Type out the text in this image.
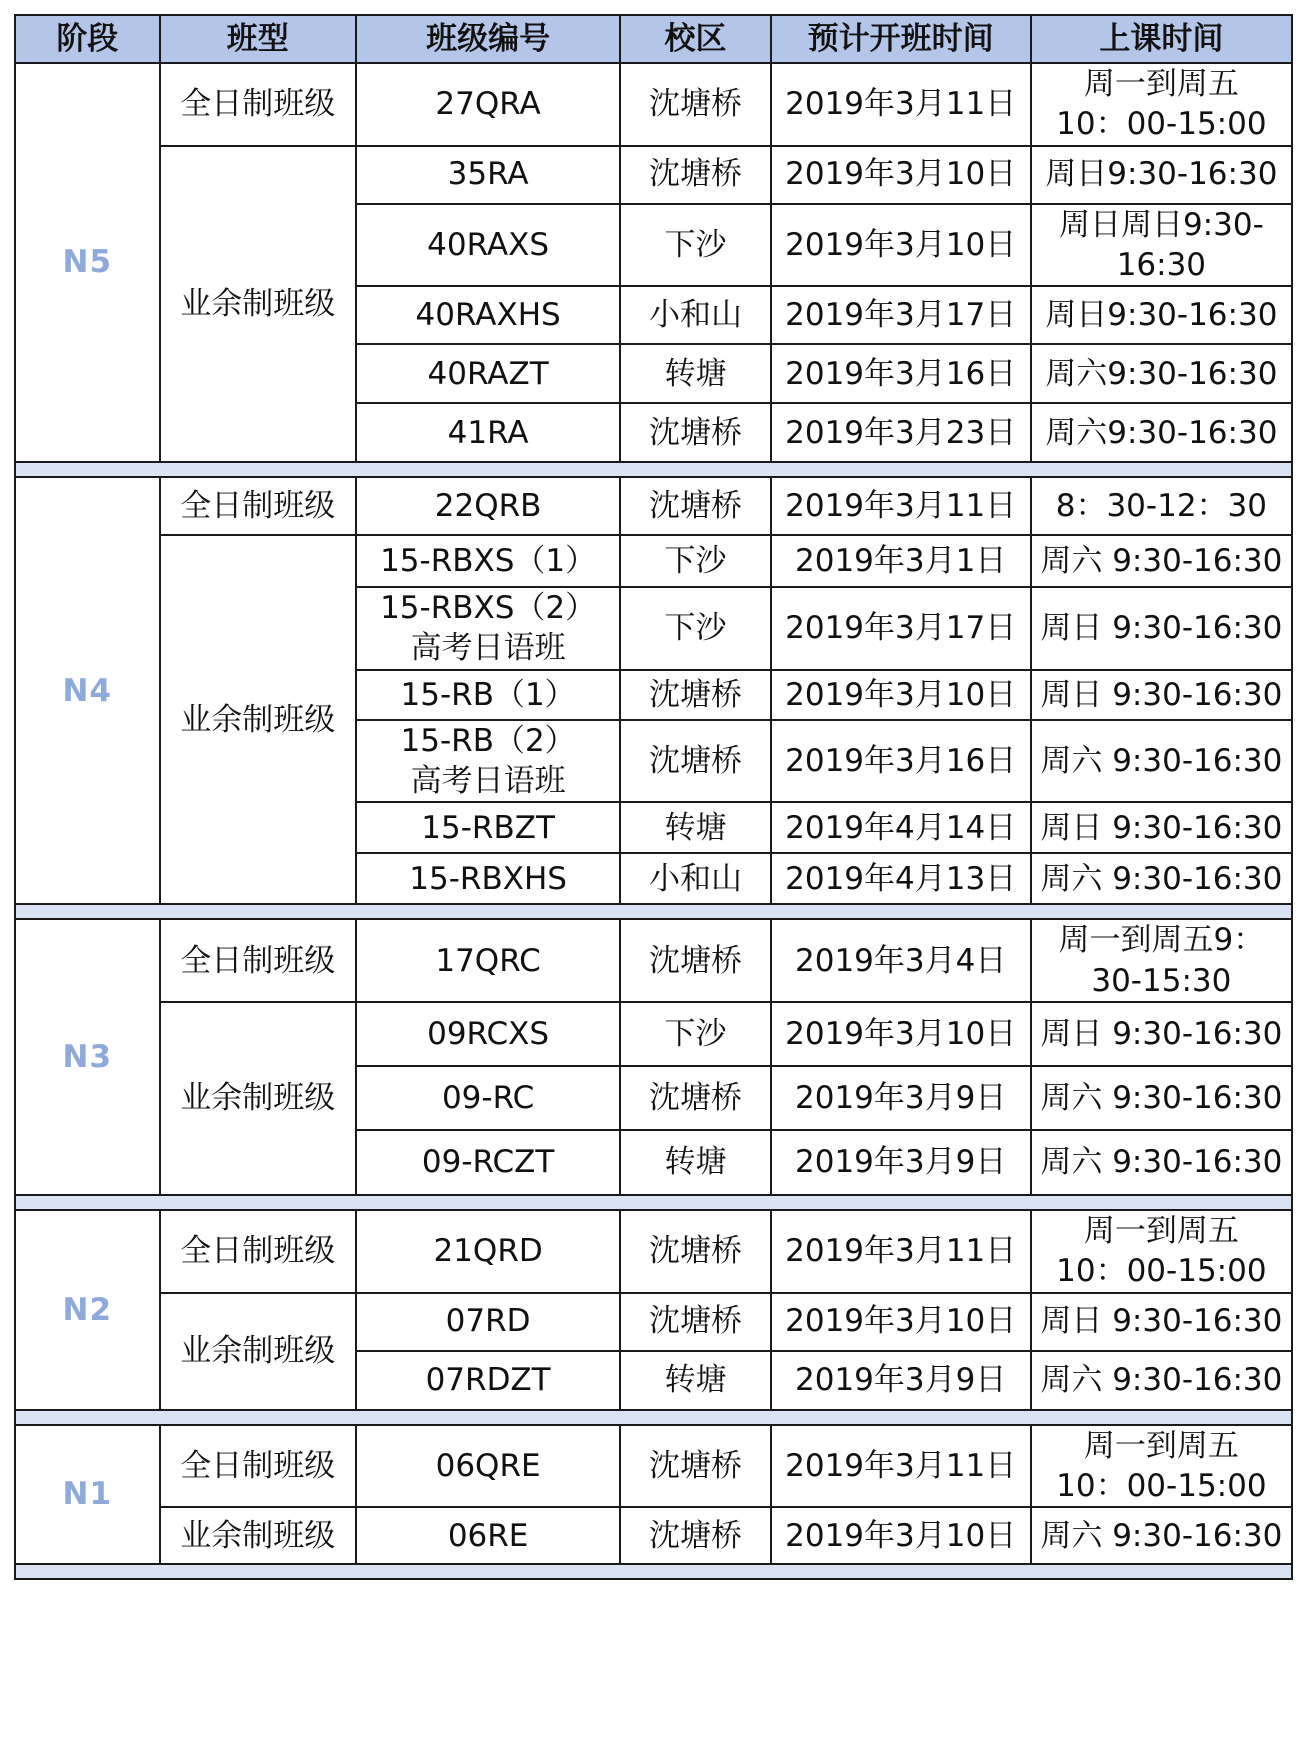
阶段	班型	班级编号	校区	预计开班时间	上课时间
N5	全日制班级	27QRA	沈塘桥	2019年3月11日	周一到周五
10：00-15:00
	业余制班级	35RA	沈塘桥	2019年3月10日	周日9:30-16:30
		40RAXS	下沙	2019年3月10日	周日周日9:30-
16:30
		40RAXHS	小和山	2019年3月17日	周日9:30-16:30
		40RAZT	转塘	2019年3月16日	周六9:30-16:30
		41RA	沈塘桥	2019年3月23日	周六9:30-16:30

N4	全日制班级	22QRB	沈塘桥	2019年3月11日	8：30-12：30
	业余制班级	15-RBXS（1）	下沙	2019年3月1日	周六 9:30-16:30
		15-RBXS（2）
高考日语班	下沙	2019年3月17日	周日 9:30-16:30
		15-RB（1）	沈塘桥	2019年3月10日	周日 9:30-16:30
		15-RB（2）
高考日语班	沈塘桥	2019年3月16日	周六 9:30-16:30
		15-RBZT	转塘	2019年4月14日	周日 9:30-16:30
		15-RBXHS	小和山	2019年4月13日	周六 9:30-16:30

N3	全日制班级	17QRC	沈塘桥	2019年3月4日	周一到周五9：
30-15:30
	业余制班级	09RCXS	下沙	2019年3月10日	周日 9:30-16:30
		09-RC	沈塘桥	2019年3月9日	周六 9:30-16:30
		09-RCZT	转塘	2019年3月9日	周六 9:30-16:30

N2	全日制班级	21QRD	沈塘桥	2019年3月11日	周一到周五
10：00-15:00
	业余制班级	07RD	沈塘桥	2019年3月10日	周日 9:30-16:30
		07RDZT	转塘	2019年3月9日	周六 9:30-16:30

N1	全日制班级	06QRE	沈塘桥	2019年3月11日	周一到周五
10：00-15:00
	业余制班级	06RE	沈塘桥	2019年3月10日	周六 9:30-16:30
